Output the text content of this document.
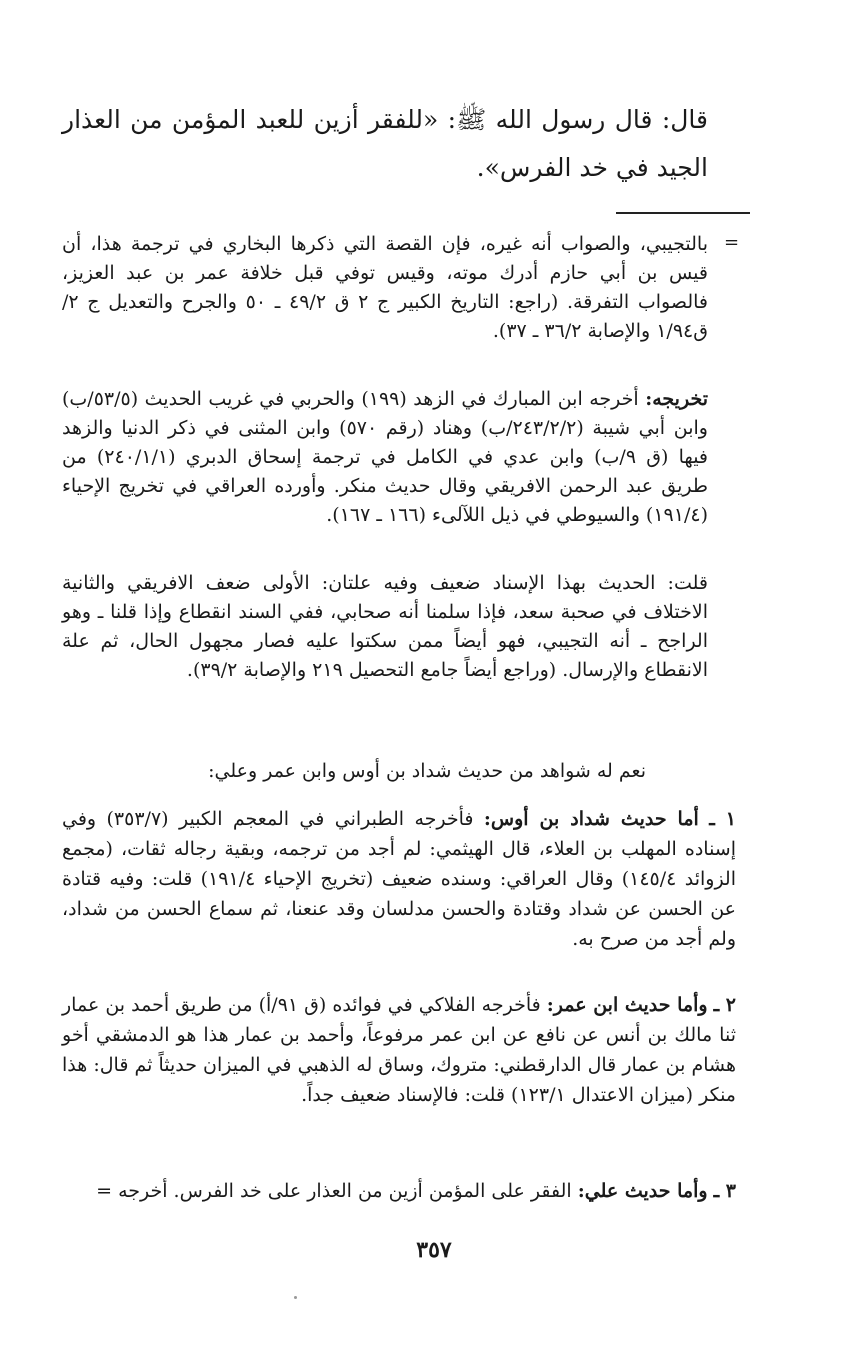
قال: قال رسول الله ﷺ: «للفقر أزين للعبد المؤمن من العذار الجيد في خد الفرس».
=
بالتجيبي، والصواب أنه غيره، فإن القصة التي ذكرها البخاري في ترجمة هذا، أن قيس بن أبي حازم أدرك موته، وقيس توفي قبل خلافة عمر بن عبد العزيز، فالصواب التفرقة. (راجع: التاريخ الكبير ج ٢ ق ٤٩/٢ ـ ٥٠ والجرح والتعديل ج ٢/ق١/٩٤ والإصابة ٣٦/٢ ـ ٣٧).
تخريجه: أخرجه ابن المبارك في الزهد (١٩٩) والحربي في غريب الحديث (٥٣/٥/ب) وابن أبي شيبة (٢٤٣/٢/٢/ب) وهناد (رقم ٥٧٠) وابن المثنى في ذكر الدنيا والزهد فيها (ق ٩/ب) وابن عدي في الكامل في ترجمة إسحاق الدبري (٢٤٠/١/١) من طريق عبد الرحمن الافريقي وقال حديث منكر. وأورده العراقي في تخريج الإحياء (١٩١/٤) والسيوطي في ذيل اللآلىء (١٦٦ ـ ١٦٧).
قلت: الحديث بهذا الإسناد ضعيف وفيه علتان: الأولى ضعف الافريقي والثانية الاختلاف في صحبة سعد، فإذا سلمنا أنه صحابي، ففي السند انقطاع وإذا قلنا ـ وهو الراجح ـ أنه التجيبي، فهو أيضاً ممن سكتوا عليه فصار مجهول الحال، ثم علة الانقطاع والإرسال. (وراجع أيضاً جامع التحصيل ٢١٩ والإصابة ٣٩/٢).
نعم له شواهد من حديث شداد بن أوس وابن عمر وعلي:
١ ـ أما حديث شداد بن أوس: فأخرجه الطبراني في المعجم الكبير (٣٥٣/٧) وفي إسناده المهلب بن العلاء، قال الهيثمي: لم أجد من ترجمه، وبقية رجاله ثقات، (مجمع الزوائد ١٤٥/٤) وقال العراقي: وسنده ضعيف (تخريج الإحياء ١٩١/٤) قلت: وفيه قتادة عن الحسن عن شداد وقتادة والحسن مدلسان وقد عنعنا، ثم سماع الحسن من شداد، ولم أجد من صرح به.
٢ ـ وأما حديث ابن عمر: فأخرجه الفلاكي في فوائده (ق ٩١/أ) من طريق أحمد بن عمار ثنا مالك بن أنس عن نافع عن ابن عمر مرفوعاً، وأحمد بن عمار هذا هو الدمشقي أخو هشام بن عمار قال الدارقطني: متروك، وساق له الذهبي في الميزان حديثاً ثم قال: هذا منكر (ميزان الاعتدال ١٢٣/١) قلت: فالإسناد ضعيف جداً.
٣ ـ وأما حديث علي: الفقر على المؤمن أزين من العذار على خد الفرس. أخرجه =
٣٥٧
